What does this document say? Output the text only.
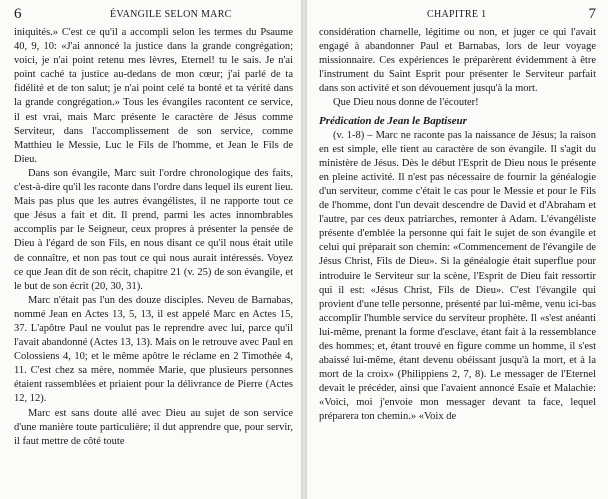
6	ÉVANGILE SELON MARC

iniquités.» C'est ce qu'il a accompli selon les termes du Psaume 40, 9, 10: «J'ai annoncé la justice dans la grande congrégation; voici, je n'ai point retenu mes lèvres, Eternel! tu le sais. Je n'ai point caché ta justice au-dedans de mon cœur; j'ai parlé de ta fidélité et de ton salut; je n'ai point celé ta bonté et ta vérité dans la grande congrégation.» Tous les évangiles racontent ce service, il est vrai, mais Marc présente le caractère de Jésus comme Serviteur, dans l'accomplissement de son service, comme Matthieu le Messie, Luc le Fils de l'homme, et Jean le Fils de Dieu.

Dans son évangile, Marc suit l'ordre chronologique des faits, c'est-à-dire qu'il les raconte dans l'ordre dans lequel ils eurent lieu. Mais pas plus que les autres évangélistes, il ne rapporte tout ce que Jésus a fait et dit. Il prend, parmi les actes innombrables accomplis par le Seigneur, ceux propres à présenter la pensée de Dieu à l'égard de son Fils, en nous disant ce qu'il nous était utile de connaître, et non pas tout ce qui nous aurait intéressés. Voyez ce que Jean dit de son récit, chapitre 21 (v. 25) de son évangile, et le but de son écrit (20, 30, 31).

Marc n'était pas l'un des douze disciples. Neveu de Barnabas, nommé Jean en Actes 13, 5, 13, il est appelé Marc en Actes 15, 37. L'apôtre Paul ne voulut pas le reprendre avec lui, parce qu'il l'avait abandonné (Actes 13, 13). Mais on le retrouve avec Paul en Colossiens 4, 10; et le même apôtre le réclame en 2 Timothée 4, 11. C'est chez sa mère, nommée Marie, que plusieurs personnes étaient rassemblées et priaient pour la délivrance de Pierre (Actes 12, 12).

Marc est sans doute allé avec Dieu au sujet de son service d'une manière toute particulière; il dut apprendre que, pour servir, il faut mettre de côté toute

CHAPITRE 1	7

considération charnelle, légitime ou non, et juger ce qui l'avait engagé à abandonner Paul et Barnabas, lors de leur voyage missionnaire. Ces expériences le préparèrent évidemment à être l'instrument du Saint Esprit pour présenter le Serviteur parfait dans son activité et son dévouement jusqu'à la mort.

Que Dieu nous donne de l'écouter!

Prédication de Jean le Baptiseur

(v. 1-8) – Marc ne raconte pas la naissance de Jésus; la raison en est simple, elle tient au caractère de son évangile. Il s'agit du ministère de Jésus. Dès le début l'Esprit de Dieu nous le présente en pleine activité. Il n'est pas nécessaire de fournir la généalogie d'un serviteur, comme c'était le cas pour le Messie et pour le Fils de l'homme, dont l'un devait descendre de David et d'Abraham et l'autre, par ces deux patriarches, remonter à Adam. L'évangéliste présente d'emblée la personne qui fait le sujet de son évangile et celui qui préparait son chemin: «Commencement de l'évangile de Jésus Christ, Fils de Dieu». Si la généalogie était superflue pour introduire le Serviteur sur la scène, l'Esprit de Dieu fait ressortir qui il est: «Jésus Christ, Fils de Dieu». C'est l'évangile qui provient d'une telle personne, présenté par lui-même, venu ici-bas accomplir l'humble service du serviteur prophète. Il «s'est anéanti lui-même, prenant la forme d'esclave, étant fait à la ressemblance des hommes; et, étant trouvé en figure comme un homme, il s'est abaissé lui-même, étant devenu obéissant jusqu'à la mort, et à la mort de la croix» (Philippiens 2, 7, 8). Le messager de l'Eternel devait le précéder, ainsi que l'avaient annoncé Esaïe et Malachie: «Voici, moi j'envoie mon messager devant ta face, lequel préparera ton chemin.» «Voix de
